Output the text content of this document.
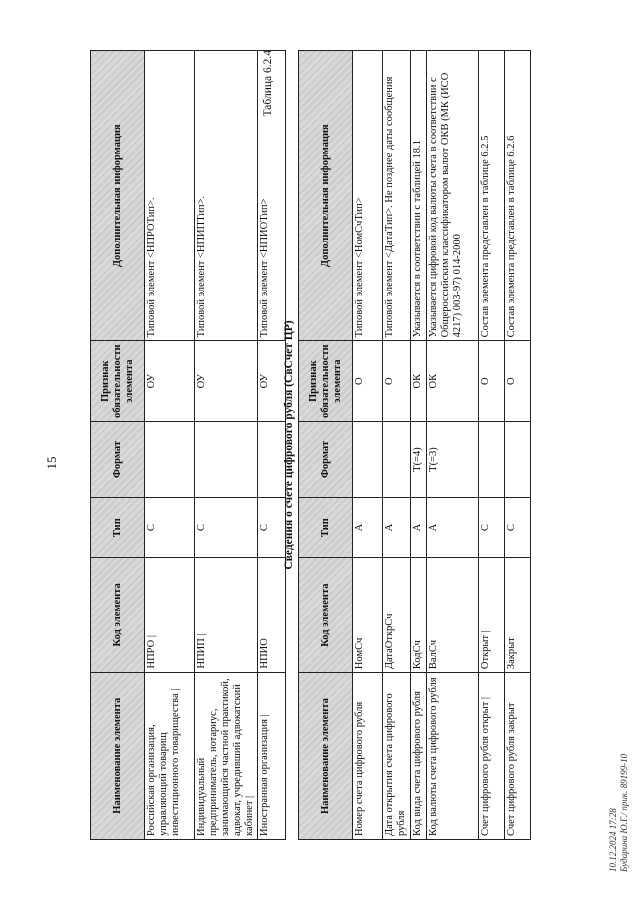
15
Наименование элемента	Код элемента	Тип	Формат	Признак обязательности элемента	Дополнительная информация
Российская организация, управляющий товарищ инвестиционного товарищества |	НПРО |	С		ОУ	Типовой элемент <НПРОТип>.
Индивидуальный предприниматель, нотариус, занимающийся частной практикой, адвокат, учредивший адвокатский кабинет |	НПИП |	С		ОУ	Типовой элемент <НПИПТип>.
Иностранная организация |	НПИО	С		ОУ	Типовой элемент <НПИОТип>
Таблица 6.2.4
Сведения о счете цифрового рубля (СвСчет ЦР)
Наименование элемента	Код элемента	Тип	Формат	Признак обязательности элемента	Дополнительная информация
Номер счета цифрового рубля	НомСч	А		О	Типовой элемент <НомСчТип>
Дата открытия счета цифрового рубля	ДатаОткрСч	А		О	Типовой элемент <ДатаТип>. Не позднее даты сообщения
Код вида счета цифрового рубля	КодСч	А	Т(=4)	ОК	Указывается в соответствии с таблицей 18.1
Код валюты счета цифрового рубля	ВалСч	А	Т(=3)	ОК	Указывается цифровой код валюты счета в соответствии с Общероссийским классификатором валют ОКВ (МК (ИСО 4217) 003-97) 014-2000
Счет цифрового рубля открыт |	Открыт |	С		О	Состав элемента представлен в таблице 6.2.5
Счет цифрового рубля закрыт	Закрыт	С		О	Состав элемента представлен в таблице 6.2.6
10.12.2024 17:28 Бударина Ю.Г./ прик. 89199-10
